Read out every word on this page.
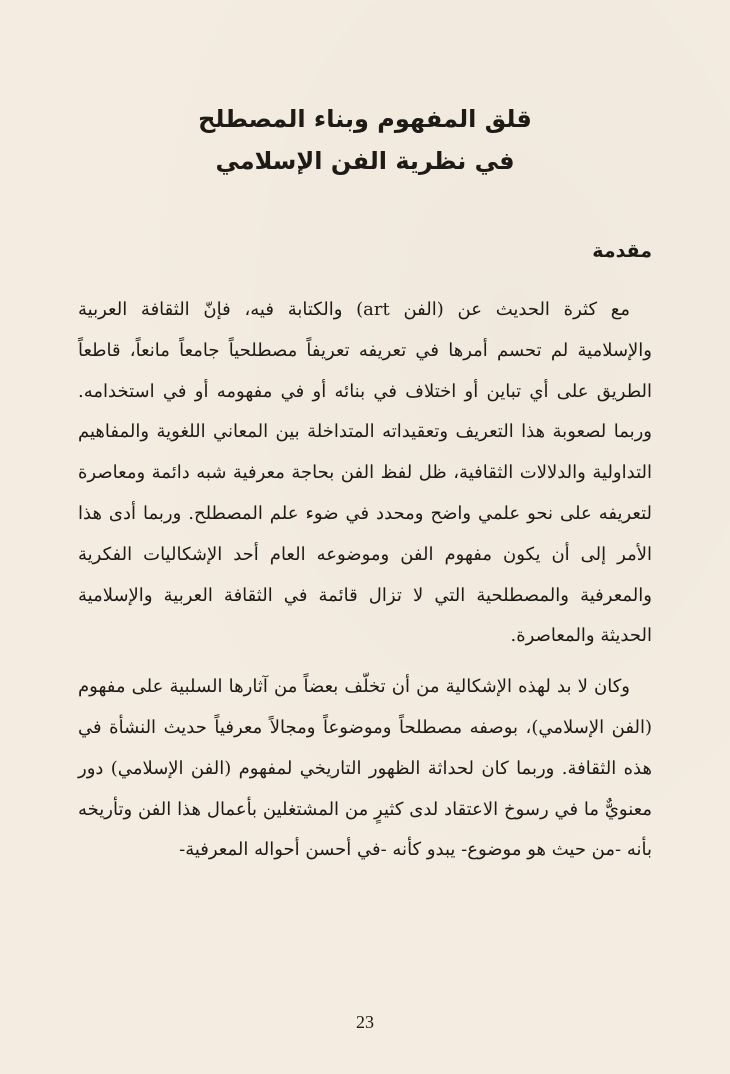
قلق المفهوم وبناء المصطلح

في نظرية الفن الإسلامي

مقدمة

مع كثرة الحديث عن (الفن art) والكتابة فيه، فإنّ الثقافة العربية والإسلامية لم تحسم أمرها في تعريفه تعريفاً مصطلحياً جامعاً مانعاً، قاطعاً الطريق على أي تباين أو اختلاف في بنائه أو في مفهومه أو في استخدامه. وربما لصعوبة هذا التعريف وتعقيداته المتداخلة بين المعاني اللغوية والمفاهيم التداولية والدلالات الثقافية، ظل لفظ الفن بحاجة معرفية شبه دائمة ومعاصرة لتعريفه على نحو علمي واضح ومحدد في ضوء علم المصطلح. وربما أدى هذا الأمر إلى أن يكون مفهوم الفن وموضوعه العام أحد الإشكاليات الفكرية والمعرفية والمصطلحية التي لا تزال قائمة في الثقافة العربية والإسلامية الحديثة والمعاصرة.

وكان لا بد لهذه الإشكالية من أن تخلّف بعضاً من آثارها السلبية على مفهوم (الفن الإسلامي)، بوصفه مصطلحاً وموضوعاً ومجالاً معرفياً حديث النشأة في هذه الثقافة. وربما كان لحداثة الظهور التاريخي لمفهوم (الفن الإسلامي) دور معنويٌّ ما في رسوخ الاعتقاد لدى كثيرٍ من المشتغلين بأعمال هذا الفن وتأريخه بأنه -من حيث هو موضوع- يبدو كأنه -في أحسن أحواله المعرفية-

23
